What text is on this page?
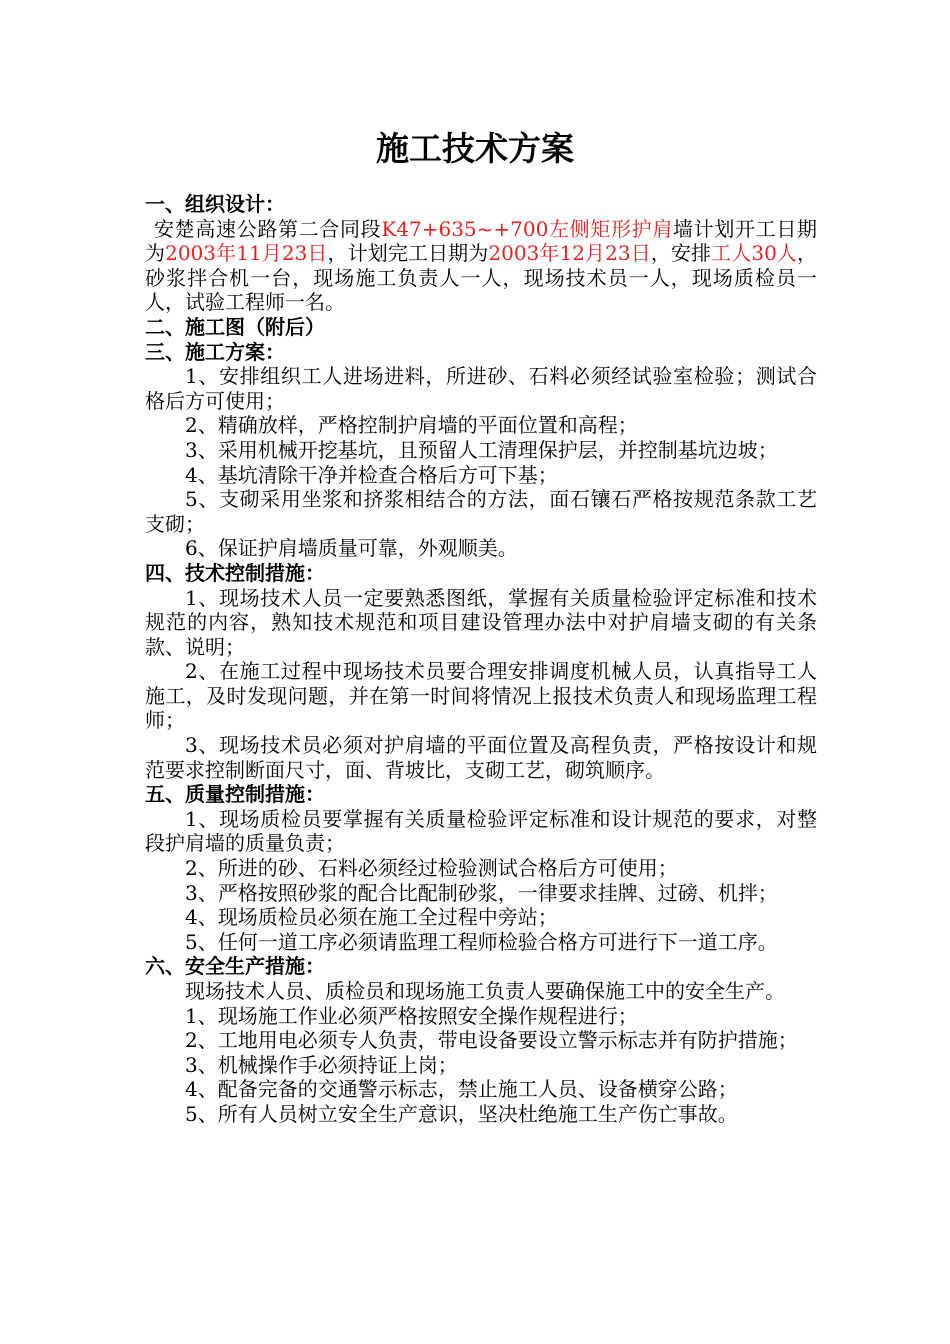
施工技术方案

一、组织设计：

安楚高速公路第二合同段K47+635~+700左侧矩形护肩墙计划开工日期为2003年11月23日，计划完工日期为2003年12月23日，安排工人30人，砂浆拌合机一台，现场施工负责人一人，现场技术员一人，现场质检员一人，试验工程师一名。

二、施工图（附后）

三、施工方案：

1、安排组织工人进场进料，所进砂、石料必须经试验室检验；测试合格后方可使用；

2、精确放样，严格控制护肩墙的平面位置和高程；

3、采用机械开挖基坑，且预留人工清理保护层，并控制基坑边坡；

4、基坑清除干净并检查合格后方可下基；

5、支砌采用坐浆和挤浆相结合的方法，面石镶石严格按规范条款工艺支砌；

6、保证护肩墙质量可靠，外观顺美。

四、技术控制措施：

1、现场技术人员一定要熟悉图纸，掌握有关质量检验评定标准和技术规范的内容，熟知技术规范和项目建设管理办法中对护肩墙支砌的有关条款、说明；

2、在施工过程中现场技术员要合理安排调度机械人员，认真指导工人施工，及时发现问题，并在第一时间将情况上报技术负责人和现场监理工程师；

3、现场技术员必须对护肩墙的平面位置及高程负责，严格按设计和规范要求控制断面尺寸，面、背坡比，支砌工艺，砌筑顺序。

五、质量控制措施：

1、现场质检员要掌握有关质量检验评定标准和设计规范的要求，对整段护肩墙的质量负责；

2、所进的砂、石料必须经过检验测试合格后方可使用；

3、严格按照砂浆的配合比配制砂浆，一律要求挂牌、过磅、机拌；

4、现场质检员必须在施工全过程中旁站；

5、任何一道工序必须请监理工程师检验合格方可进行下一道工序。

六、安全生产措施：

现场技术人员、质检员和现场施工负责人要确保施工中的安全生产。

1、现场施工作业必须严格按照安全操作规程进行；

2、工地用电必须专人负责，带电设备要设立警示标志并有防护措施；

3、机械操作手必须持证上岗；

4、配备完备的交通警示标志，禁止施工人员、设备横穿公路；

5、所有人员树立安全生产意识，坚决杜绝施工生产伤亡事故。
